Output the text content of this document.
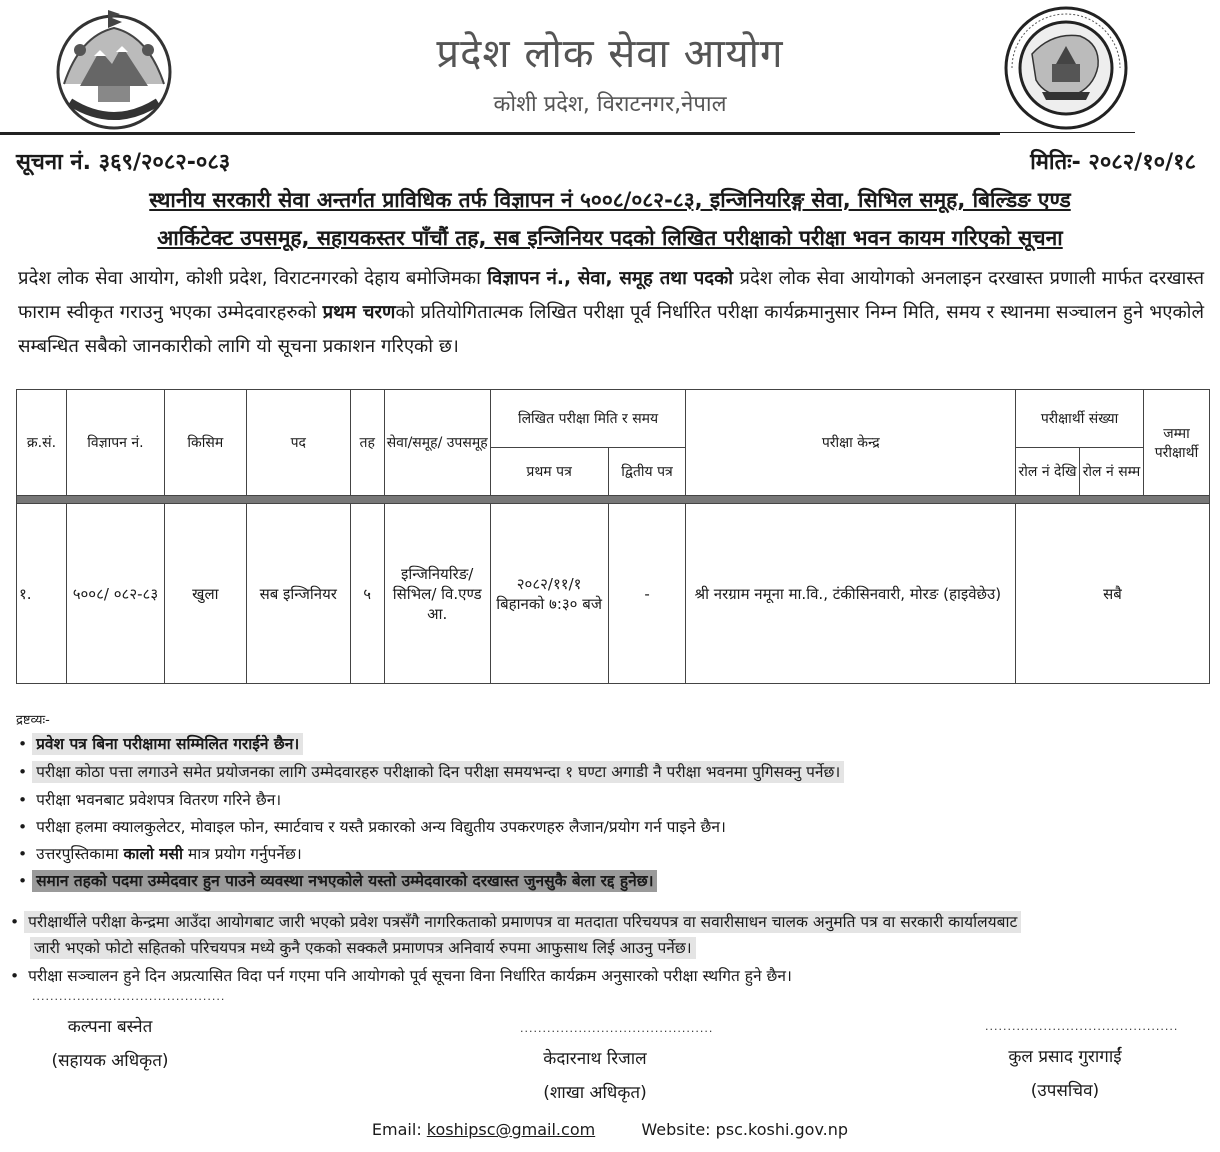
प्रदेश लोक सेवा आयोग
कोशी प्रदेश, विराटनगर,नेपाल
सूचना नं. ३६९/२०८२-०८३	मितिः- २०८२/१०/१८
स्थानीय सरकारी सेवा अन्तर्गत प्राविधिक तर्फ विज्ञापन नं ५००८/०८२-८३, इन्जिनियरिङ्ग सेवा, सिभिल समूह, बिल्डिङ एण्ड
आर्किटेक्ट उपसमूह, सहायकस्तर पाँचौं तह, सब इन्जिनियर पदको लिखित परीक्षाको परीक्षा भवन कायम गरिएको सूचना
प्रदेश लोक सेवा आयोग, कोशी प्रदेश, विराटनगरको देहाय बमोजिमका विज्ञापन नं., सेवा, समूह तथा पदको प्रदेश लोक सेवा आयोगको अनलाइन दरखास्त प्रणाली मार्फत दरखास्त फाराम स्वीकृत गराउनु भएका उम्मेदवारहरुको प्रथम चरणको प्रतियोगितात्मक लिखित परीक्षा पूर्व निर्धारित परीक्षा कार्यक्रमानुसार निम्न मिति, समय र स्थानमा सञ्चालन हुने भएकोले सम्बन्धित सबैको जानकारीको लागि यो सूचना प्रकाशन गरिएको छ।
क्र.सं.	विज्ञापन नं.	किसिम	पद	तह	सेवा/समूह/ उपसमूह	लिखित परीक्षा मिति र समय		परीक्षा केन्द्र	परीक्षार्थी संख्या		जम्मा परीक्षार्थी
						प्रथम पत्र	द्वितीय पत्र		रोल नं देखि	रोल नं सम्म	

१.	५००८/ ०८२-८३	खुला	सब इन्जिनियर	५	इन्जिनियरिङ/ सिभिल/ वि.एण्ड आ.	२०८२/११/१ बिहानको ७:३० बजे	-	श्री नरग्राम नमूना मा.वि., टंकीसिनवारी, मोरङ (हाइवेछेउ)	सबै		
द्रष्टव्यः-
• प्रवेश पत्र बिना परीक्षामा सम्मिलित गराईने छैन।
• परीक्षा कोठा पत्ता लगाउने समेत प्रयोजनका लागि उम्मेदवारहरु परीक्षाको दिन परीक्षा समयभन्दा १ घण्टा अगाडी नै परीक्षा भवनमा पुगिसक्नु पर्नेछ।
• परीक्षा भवनबाट प्रवेशपत्र वितरण गरिने छैन।
• परीक्षा हलमा क्यालकुलेटर, मोवाइल फोन, स्मार्टवाच र यस्तै प्रकारको अन्य विद्युतीय उपकरणहरु लैजान/प्रयोग गर्न पाइने छैन।
• उत्तरपुस्तिकामा कालो मसी मात्र प्रयोग गर्नुपर्नेछ।
• समान तहको पदमा उम्मेदवार हुन पाउने व्यवस्था नभएकोले यस्तो उम्मेदवारको दरखास्त जुनसुकै बेला रद्द हुनेछ।
• परीक्षार्थीले परीक्षा केन्द्रमा आउँदा आयोगबाट जारी भएको प्रवेश पत्रसँगै नागरिकताको प्रमाणपत्र वा मतदाता परिचयपत्र वा सवारीसाधन चालक अनुमति पत्र वा सरकारी कार्यालयबाट
जारी भएको फोटो सहितको परिचयपत्र मध्ये कुनै एकको सक्कलै प्रमाणपत्र अनिवार्य रुपमा आफुसाथ लिई आउनु पर्नेछ।
• परीक्षा सञ्चालन हुने दिन अप्रत्यासित विदा पर्न गएमा पनि आयोगको पूर्व सूचना विना निर्धारित कार्यक्रम अनुसारको परीक्षा स्थगित हुने छैन।
...........................................
कल्पना बस्नेत
(सहायक अधिकृत)
...........................................
केदारनाथ रिजाल
(शाखा अधिकृत)
...........................................
कुल प्रसाद गुरागाईं
(उपसचिव)
Email: koshipsc@gmail.com	Website: psc.koshi.gov.np
